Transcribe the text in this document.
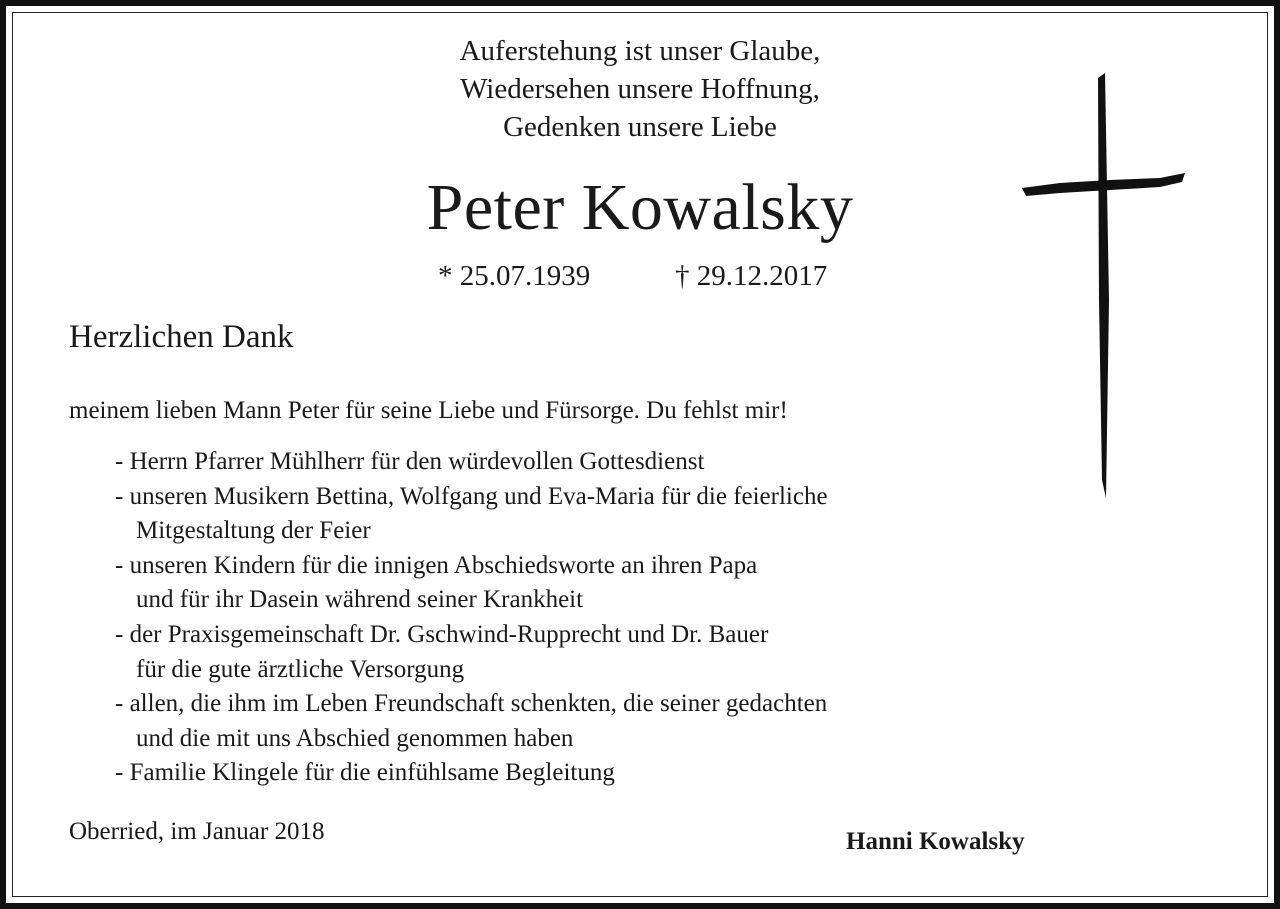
Auferstehung ist unser Glaube,
Wiedersehen unsere Hoffnung,
Gedenken unsere Liebe
Peter Kowalsky
* 25.07.1939	† 29.12.2017
Herzlichen Dank
meinem lieben Mann Peter für seine Liebe und Fürsorge. Du fehlst mir!
- Herrn Pfarrer Mühlherr für den würdevollen Gottesdienst
- unseren Musikern Bettina, Wolfgang und Eva-Maria für die feierliche
Mitgestaltung der Feier
- unseren Kindern für die innigen Abschiedsworte an ihren Papa
und für ihr Dasein während seiner Krankheit
- der Praxisgemeinschaft Dr. Gschwind-Rupprecht und Dr. Bauer
für die gute ärztliche Versorgung
- allen, die ihm im Leben Freundschaft schenkten, die seiner gedachten
und die mit uns Abschied genommen haben
- Familie Klingele für die einfühlsame Begleitung
Oberried, im Januar 2018	Hanni Kowalsky
